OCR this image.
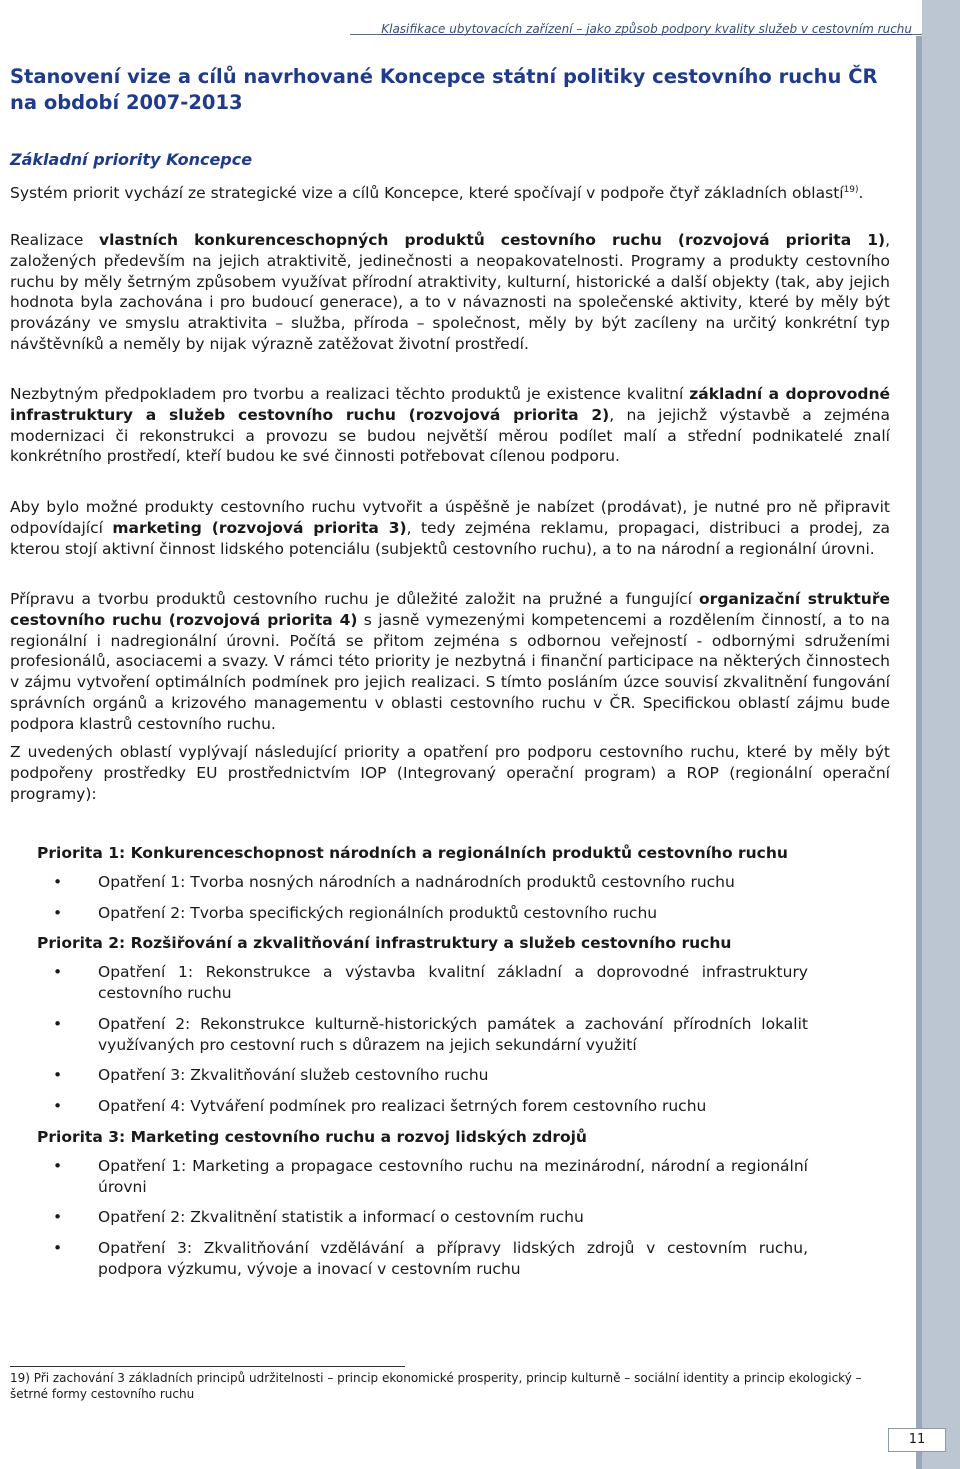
Klasifikace ubytovacích zařízení – jako způsob podpory kvality služeb v cestovním ruchu
Stanovení vize a cílů navrhované Koncepce státní politiky cestovního ruchu ČR na období 2007-2013
Základní priority Koncepce

Systém priorit vychází ze strategické vize a cílů Koncepce, které spočívají v podpoře čtyř základních oblastí$^{19)}$.

Realizace vlastních konkurenceschopných produktů cestovního ruchu (rozvojová priorita 1), založených především na jejich atraktivitě, jedinečnosti a neopakovatelnosti. Programy a produkty cestovního ruchu by měly šetrným způsobem využívat přírodní atraktivity, kulturní, historické a další objekty (tak, aby jejich hodnota byla zachována i pro budoucí generace), a to v návaznosti na společenské aktivity, které by měly být provázány ve smyslu atraktivita – služba, příroda – společnost, měly by být zacíleny na určitý konkrétní typ návštěvníků a neměly by nijak výrazně zatěžovat životní prostředí.

Nezbytným předpokladem pro tvorbu a realizaci těchto produktů je existence kvalitní základní a doprovodné infrastruktury a služeb cestovního ruchu (rozvojová priorita 2), na jejichž výstavbě a zejména modernizaci či rekonstrukci a provozu se budou největší měrou podílet malí a střední podnikatelé znalí konkrétního prostředí, kteří budou ke své činnosti potřebovat cílenou podporu.

Aby bylo možné produkty cestovního ruchu vytvořit a úspěšně je nabízet (prodávat), je nutné pro ně připravit odpovídající marketing (rozvojová priorita 3), tedy zejména reklamu, propagaci, distribuci a prodej, za kterou stojí aktivní činnost lidského potenciálu (subjektů cestovního ruchu), a to na národní a regionální úrovni.

Přípravu a tvorbu produktů cestovního ruchu je důležité založit na pružné a fungující organizační struktuře cestovního ruchu (rozvojová priorita 4) s jasně vymezenými kompetencemi a rozdělením činností, a to na regionální i nadregionální úrovni. Počítá se přitom zejména s odbornou veřejností - odbornými sdruženími profesionálů, asociacemi a svazy. V rámci této priority je nezbytná i finanční participace na některých činnostech v zájmu vytvoření optimálních podmínek pro jejich realizaci. S tímto posláním úzce souvisí zkvalitnění fungování správních orgánů a krizového managementu v oblasti cestovního ruchu v ČR. Specifickou oblastí zájmu bude podpora klastrů cestovního ruchu.

Z uvedených oblastí vyplývají následující priority a opatření pro podporu cestovního ruchu, které by měly být podpořeny prostředky EU prostřednictvím IOP (Integrovaný operační program) a ROP (regionální operační programy):

Priorita 1: Konkurenceschopnost národních a regionálních produktů cestovního ruchu

•	Opatření 1: Tvorba nosných národních a nadnárodních produktů cestovního ruchu
•	Opatření 2: Tvorba specifických regionálních produktů cestovního ruchu

Priorita 2: Rozšiřování a zkvalitňování infrastruktury a služeb cestovního ruchu

•	Opatření 1: Rekonstrukce a výstavba kvalitní základní a doprovodné infrastruktury cestovního ruchu
•	Opatření 2: Rekonstrukce kulturně-historických památek a zachování přírodních lokalit využívaných pro cestovní ruch s důrazem na jejich sekundární využití
•	Opatření 3: Zkvalitňování služeb cestovního ruchu
•	Opatření 4: Vytváření podmínek pro realizaci šetrných forem cestovního ruchu

Priorita 3: Marketing cestovního ruchu a rozvoj lidských zdrojů

•	Opatření 1: Marketing a propagace cestovního ruchu na mezinárodní, národní a regionální úrovni
•	Opatření 2: Zkvalitnění statistik a informací o cestovním ruchu
•	Opatření 3: Zkvalitňování vzdělávání a přípravy lidských zdrojů v cestovním ruchu, podpora výzkumu, vývoje a inovací v cestovním ruchu

19) Při zachování 3 základních principů udržitelnosti – princip ekonomické prosperity, princip kulturně – sociální identity a princip ekologický – šetrné formy cestovního ruchu

11
